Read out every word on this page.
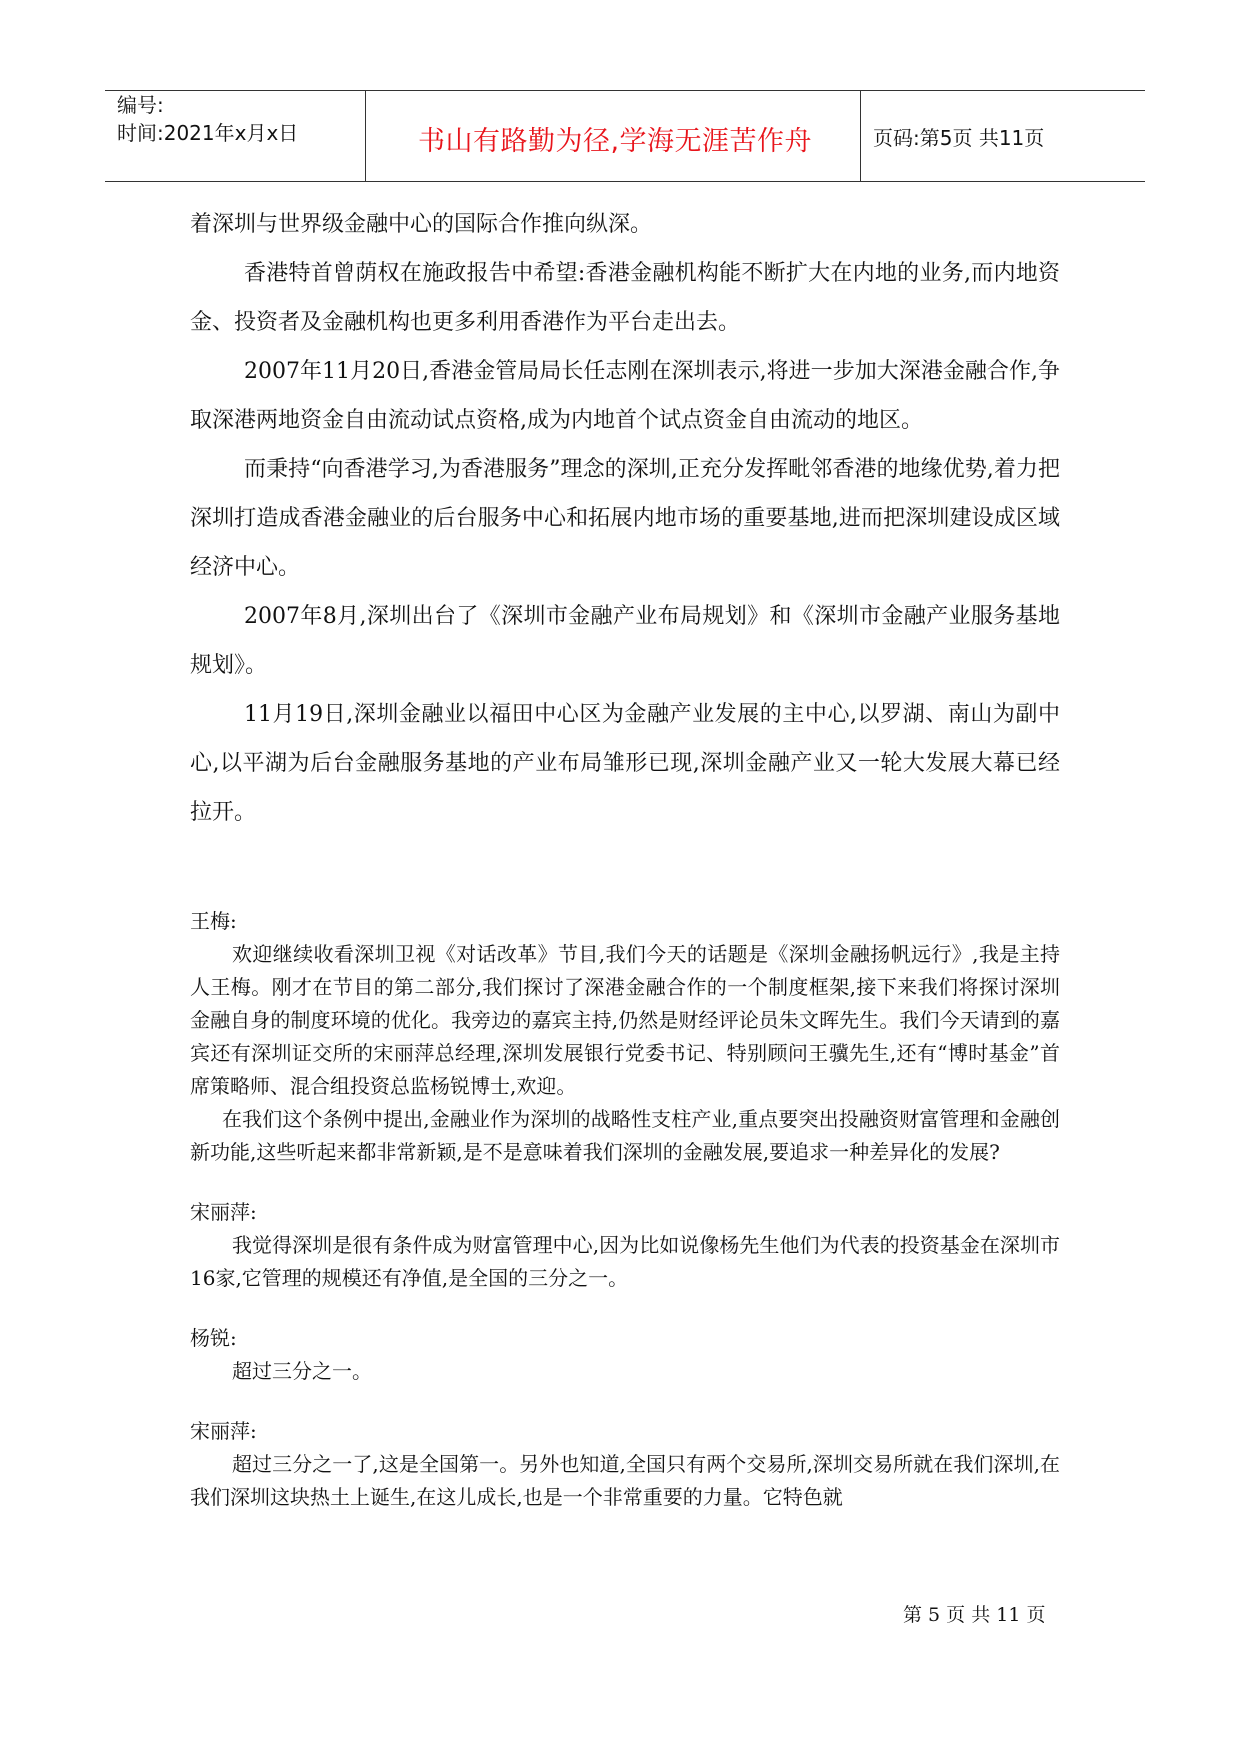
编号:
时间:2021年x月x日	书山有路勤为径,学海无涯苦作舟	页码:第5页 共11页

着深圳与世界级金融中心的国际合作推向纵深。

香港特首曾荫权在施政报告中希望:香港金融机构能不断扩大在内地的业务,而内地资金、投资者及金融机构也更多利用香港作为平台走出去。

2007年11月20日,香港金管局局长任志刚在深圳表示,将进一步加大深港金融合作,争取深港两地资金自由流动试点资格,成为内地首个试点资金自由流动的地区。

而秉持“向香港学习,为香港服务”理念的深圳,正充分发挥毗邻香港的地缘优势,着力把深圳打造成香港金融业的后台服务中心和拓展内地市场的重要基地,进而把深圳建设成区域经济中心。

2007年8月,深圳出台了《深圳市金融产业布局规划》和《深圳市金融产业服务基地规划》。

11月19日,深圳金融业以福田中心区为金融产业发展的主中心,以罗湖、南山为副中心,以平湖为后台金融服务基地的产业布局雏形已现,深圳金融产业又一轮大发展大幕已经拉开。

王梅:

欢迎继续收看深圳卫视《对话改革》节目,我们今天的话题是《深圳金融扬帆远行》,我是主持人王梅。刚才在节目的第二部分,我们探讨了深港金融合作的一个制度框架,接下来我们将探讨深圳金融自身的制度环境的优化。我旁边的嘉宾主持,仍然是财经评论员朱文晖先生。我们今天请到的嘉宾还有深圳证交所的宋丽萍总经理,深圳发展银行党委书记、特别顾问王骥先生,还有“博时基金”首席策略师、混合组投资总监杨锐博士,欢迎。

在我们这个条例中提出,金融业作为深圳的战略性支柱产业,重点要突出投融资财富管理和金融创新功能,这些听起来都非常新颖,是不是意味着我们深圳的金融发展,要追求一种差异化的发展?

宋丽萍:

我觉得深圳是很有条件成为财富管理中心,因为比如说像杨先生他们为代表的投资基金在深圳市16家,它管理的规模还有净值,是全国的三分之一。

杨锐:

超过三分之一。

宋丽萍:

超过三分之一了,这是全国第一。另外也知道,全国只有两个交易所,深圳交易所就在我们深圳,在我们深圳这块热土上诞生,在这儿成长,也是一个非常重要的力量。它特色就

第 5 页 共 11 页
